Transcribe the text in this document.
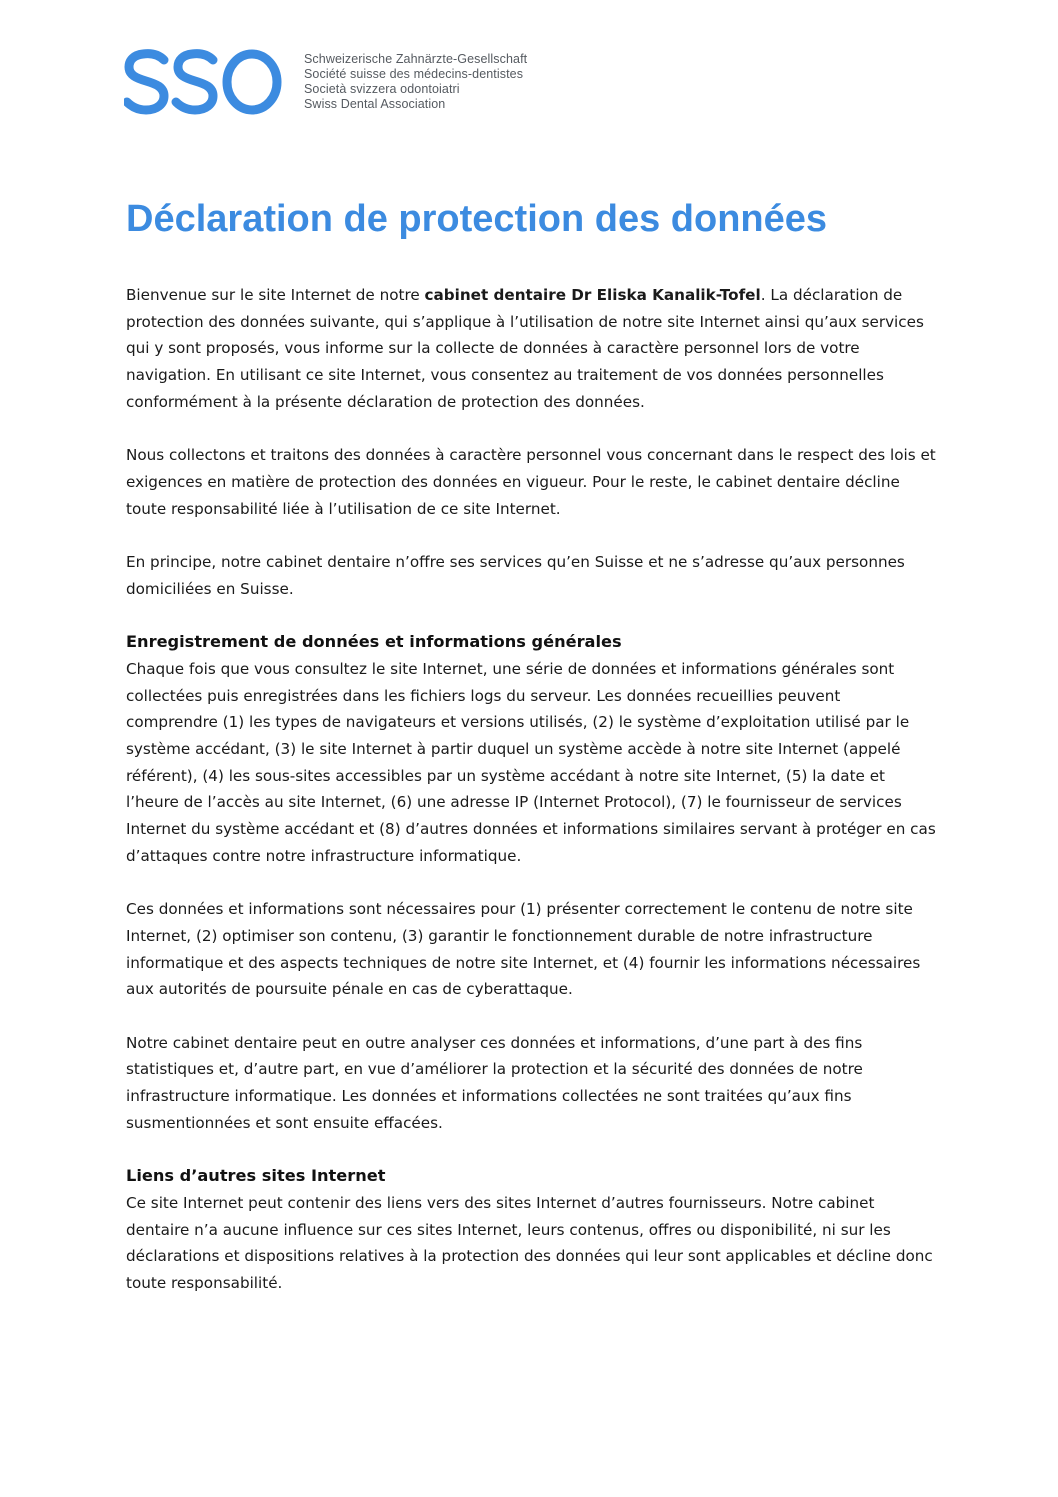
Schweizerische Zahnärzte-Gesellschaft
Société suisse des médecins-dentistes
Società svizzera odontoiatri
Swiss Dental Association
Déclaration de protection des données

Bienvenue sur le site Internet de notre cabinet dentaire Dr Eliska Kanalik-Tofel. La déclaration de protection des données suivante, qui s’applique à l’utilisation de notre site Internet ainsi qu’aux services qui y sont proposés, vous informe sur la collecte de données à caractère personnel lors de votre navigation. En utilisant ce site Internet, vous consentez au traitement de vos données personnelles conformément à la présente déclaration de protection des données.

Nous collectons et traitons des données à caractère personnel vous concernant dans le respect des lois et exigences en matière de protection des données en vigueur. Pour le reste, le cabinet dentaire décline toute responsabilité liée à l’utilisation de ce site Internet.

En principe, notre cabinet dentaire n’offre ses services qu’en Suisse et ne s’adresse qu’aux personnes domiciliées en Suisse.

Enregistrement de données et informations générales

Chaque fois que vous consultez le site Internet, une série de données et informations générales sont collectées puis enregistrées dans les fichiers logs du serveur. Les données recueillies peuvent comprendre (1) les types de navigateurs et versions utilisés, (2) le système d’exploitation utilisé par le système accédant, (3) le site Internet à partir duquel un système accède à notre site Internet (appelé référent), (4) les sous-sites accessibles par un système accédant à notre site Internet, (5) la date et l’heure de l’accès au site Internet, (6) une adresse IP (Internet Protocol), (7) le fournisseur de services Internet du système accédant et (8) d’autres données et informations similaires servant à protéger en cas d’attaques contre notre infrastructure informatique.

Ces données et informations sont nécessaires pour (1) présenter correctement le contenu de notre site Internet, (2) optimiser son contenu, (3) garantir le fonctionnement durable de notre infrastructure informatique et des aspects techniques de notre site Internet, et (4) fournir les informations nécessaires aux autorités de poursuite pénale en cas de cyberattaque.

Notre cabinet dentaire peut en outre analyser ces données et informations, d’une part à des fins statistiques et, d’autre part, en vue d’améliorer la protection et la sécurité des données de notre infrastructure informatique. Les données et informations collectées ne sont traitées qu’aux fins susmentionnées et sont ensuite effacées.

Liens d’autres sites Internet

Ce site Internet peut contenir des liens vers des sites Internet d’autres fournisseurs. Notre cabinet dentaire n’a aucune influence sur ces sites Internet, leurs contenus, offres ou disponibilité, ni sur les déclarations et dispositions relatives à la protection des données qui leur sont applicables et décline donc toute responsabilité.
